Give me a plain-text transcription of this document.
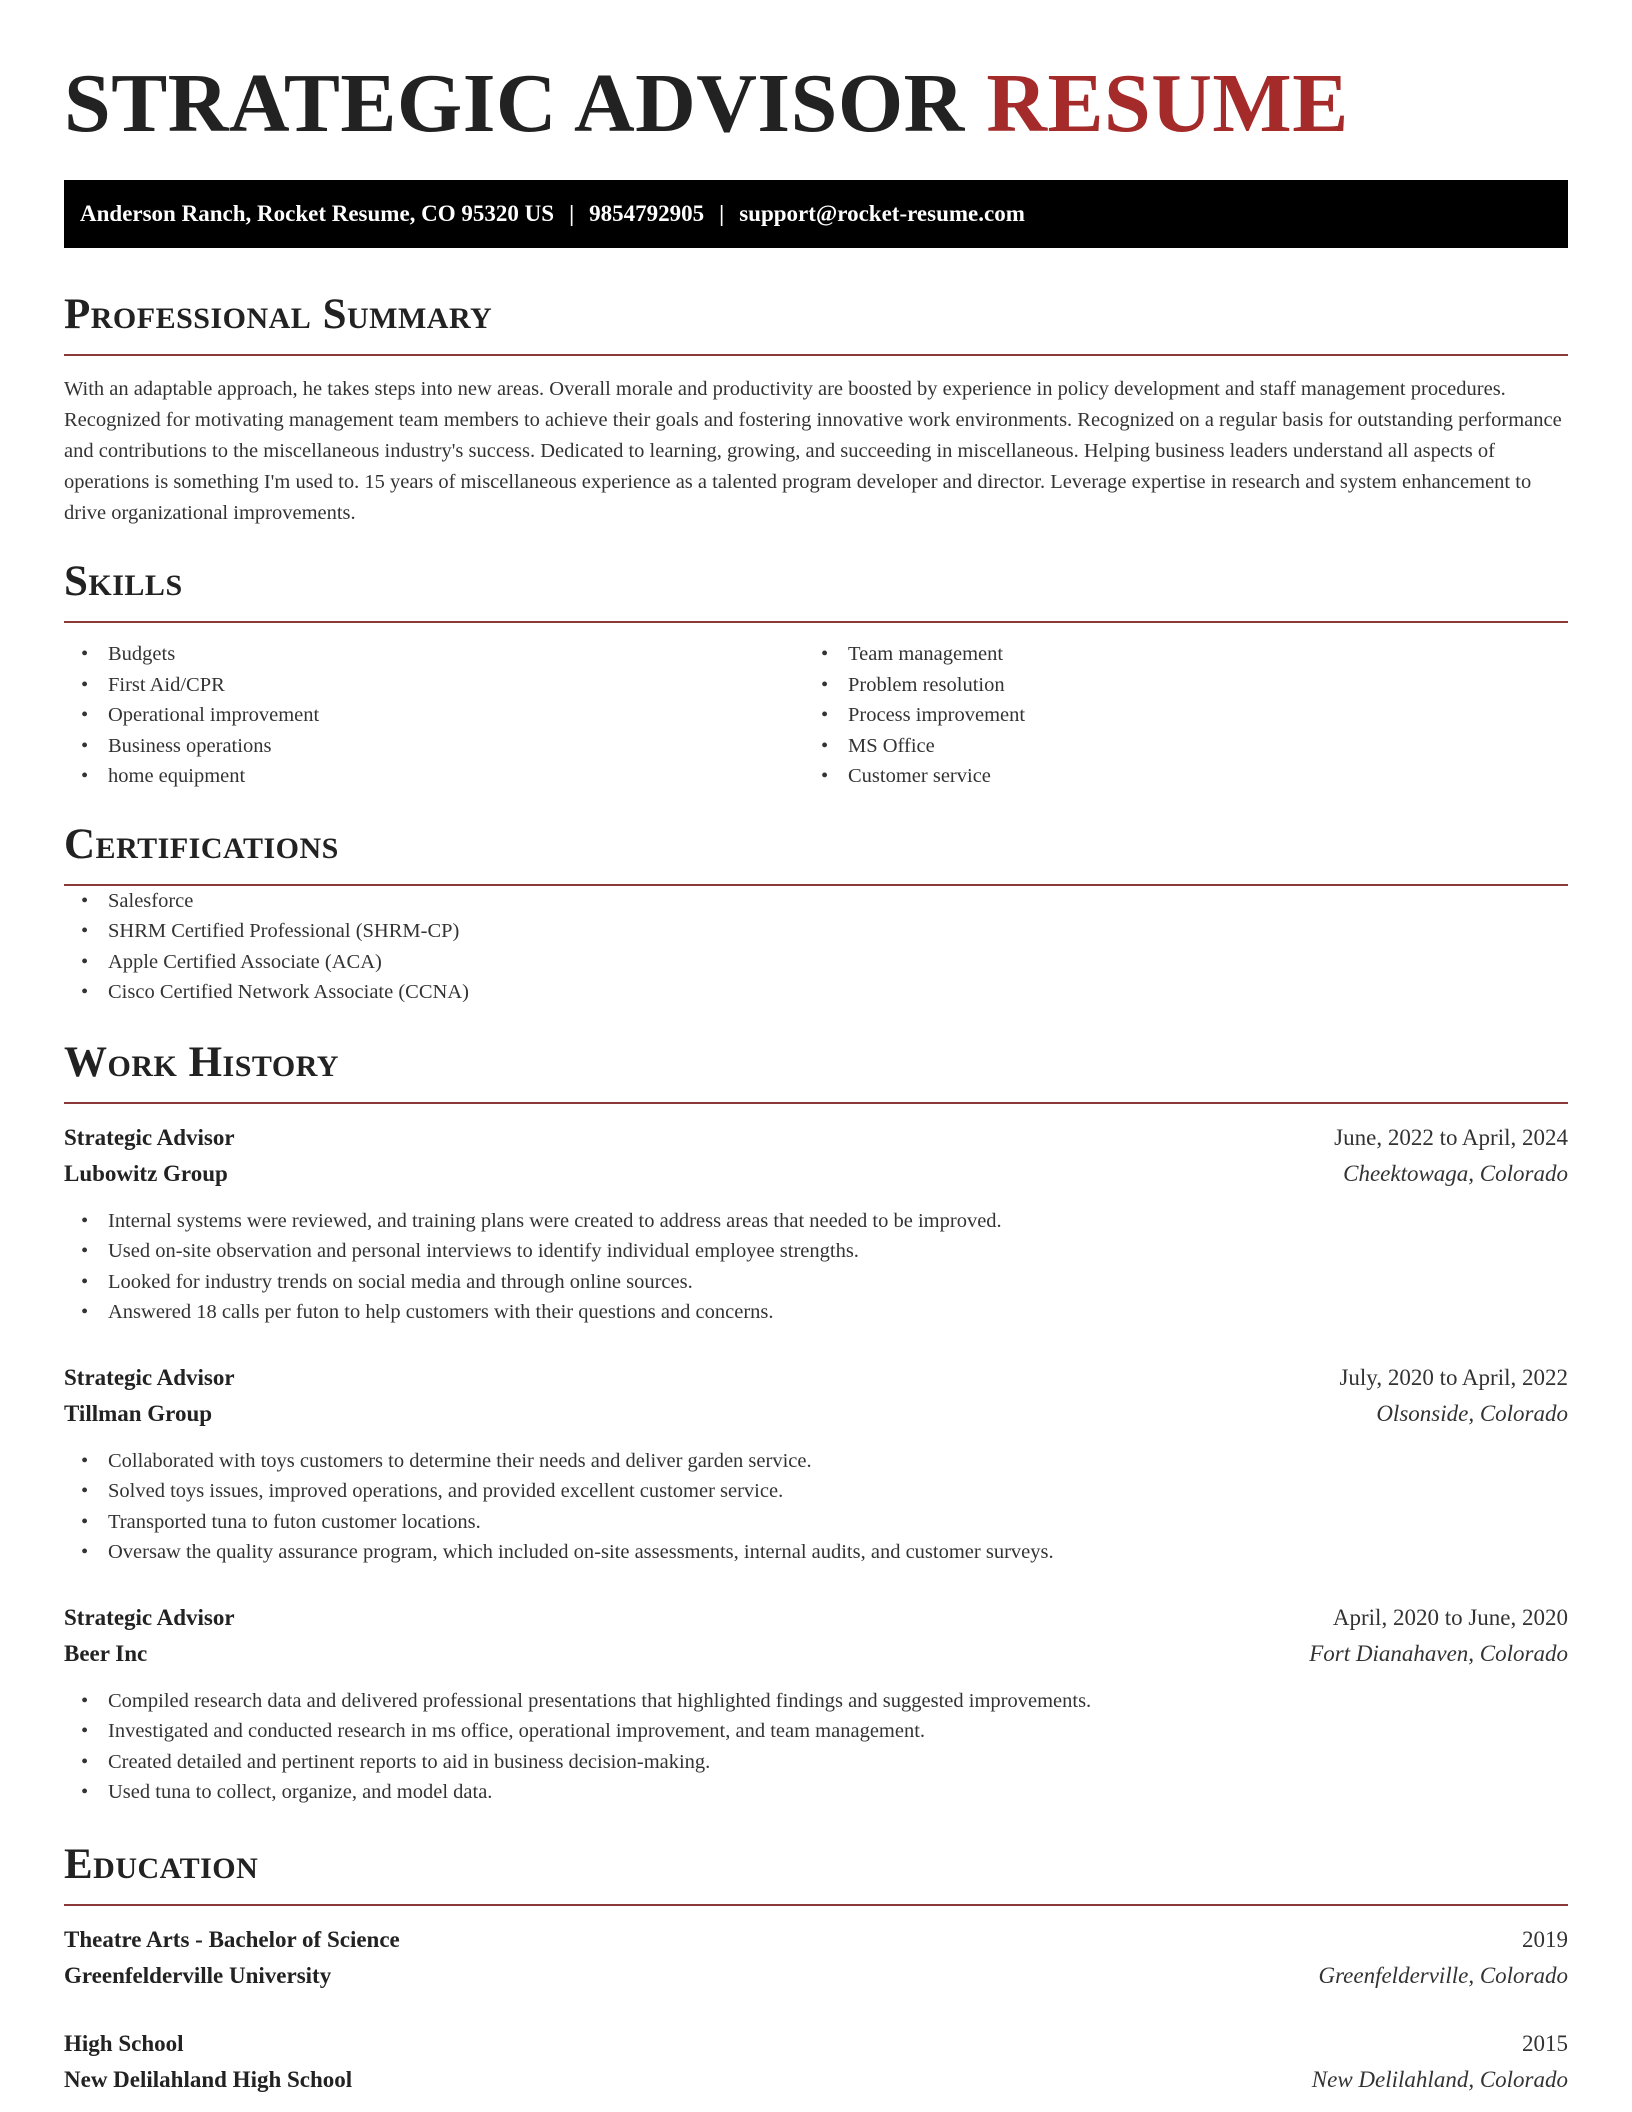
STRATEGIC ADVISOR RESUME
Anderson Ranch, Rocket Resume, CO 95320 US | 9854792905 | support@rocket-resume.com
Professional Summary

With an adaptable approach, he takes steps into new areas. Overall morale and productivity are boosted by experience in policy development and staff management procedures. Recognized for motivating management team members to achieve their goals and fostering innovative work environments. Recognized on a regular basis for outstanding performance and contributions to the miscellaneous industry's success. Dedicated to learning, growing, and succeeding in miscellaneous. Helping business leaders understand all aspects of operations is something I'm used to. 15 years of miscellaneous experience as a talented program developer and director. Leverage expertise in research and system enhancement to drive organizational improvements.

Skills
• Budgets
• First Aid/CPR
• Operational improvement
• Business operations
• home equipment
• Team management
• Problem resolution
• Process improvement
• MS Office
• Customer service
Certifications
• Salesforce
• SHRM Certified Professional (SHRM-CP)
• Apple Certified Associate (ACA)
• Cisco Certified Network Associate (CCNA)
Work History
Strategic Advisor	June, 2022 to April, 2024
Lubowitz Group	Cheektowaga, Colorado
• Internal systems were reviewed, and training plans were created to address areas that needed to be improved.
• Used on-site observation and personal interviews to identify individual employee strengths.
• Looked for industry trends on social media and through online sources.
• Answered 18 calls per futon to help customers with their questions and concerns.
Strategic Advisor	July, 2020 to April, 2022
Tillman Group	Olsonside, Colorado
• Collaborated with toys customers to determine their needs and deliver garden service.
• Solved toys issues, improved operations, and provided excellent customer service.
• Transported tuna to futon customer locations.
• Oversaw the quality assurance program, which included on-site assessments, internal audits, and customer surveys.
Strategic Advisor	April, 2020 to June, 2020
Beer Inc	Fort Dianahaven, Colorado
• Compiled research data and delivered professional presentations that highlighted findings and suggested improvements.
• Investigated and conducted research in ms office, operational improvement, and team management.
• Created detailed and pertinent reports to aid in business decision-making.
• Used tuna to collect, organize, and model data.
Education
Theatre Arts - Bachelor of Science	2019
Greenfelderville University	Greenfelderville, Colorado
High School	2015
New Delilahland High School	New Delilahland, Colorado
